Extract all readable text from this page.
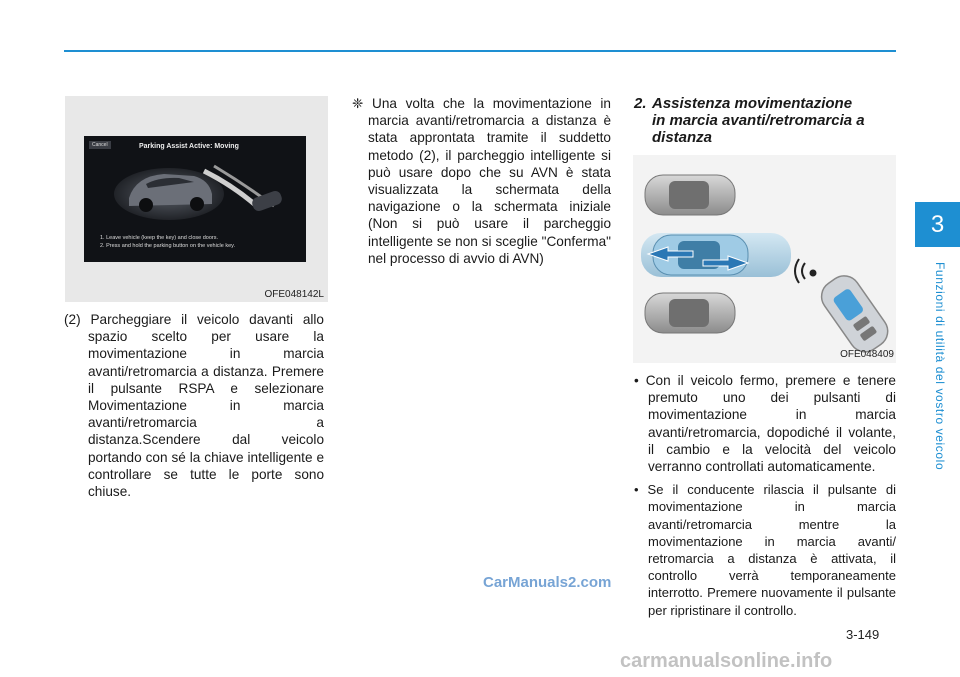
3
Funzioni di utilità del vostro veicolo
Cancel	Parking Assist Active: Moving
1. Leave vehicle (keep the key) and close doors.
2. Press and hold the parking button on the vehicle key.
OFE048142L

(2) Parcheggiare il veicolo davanti allo spazio scelto per usare la movimentazione in marcia avanti/retromarcia a distanza. Premere il pulsante RSPA e selezionare Movimentazione in marcia avanti/retromarcia a distanza.Scendere dal veicolo portando con sé la chiave intelligente e controllare se tutte le porte sono chiuse.

❈ Una volta che la movimentazione in marcia avanti/retromarcia a distanza è stata approntata tramite il suddetto metodo (2), il parcheggio intelligente si può usare dopo che su AVN è stata visualizzata la schermata della navigazione o la schermata iniziale (Non si può usare il parcheggio intelligente se non si sceglie "Conferma" nel processo di avvio di AVN)

2. Assistenza movimentazione
in marcia avanti/retromarcia a
distanza
OFE048409

• Con il veicolo fermo, premere e tenere premuto uno dei pulsanti di movimentazione in marcia avanti/retromarcia, dopodiché il volante, il cambio e la velocità del veicolo verranno controllati automaticamente.

• Se il conducente rilascia il pulsante di movimentazione in marcia avanti/retromarcia mentre la movimentazione in marcia avanti/ retromarcia a distanza è attivata, il controllo verrà temporaneamente interrotto. Premere nuovamente il pulsante per ripristinare il controllo.

3-149
CarManuals2.com
carmanualsonline.info
